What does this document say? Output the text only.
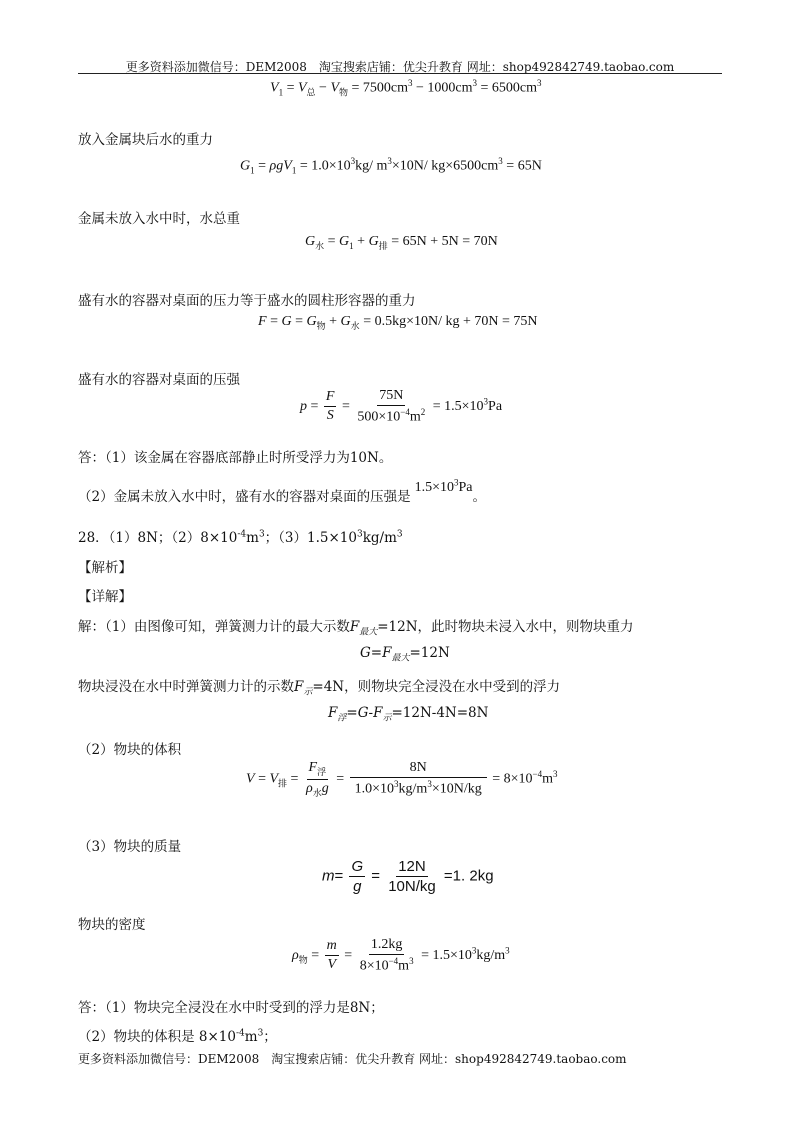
更多资料添加微信号：DEM2008　淘宝搜索店铺：优尖升教育 网址：shop492842749.taobao.com
$V_1 = V_总 - V_物 = 7500cm^3 - 1000cm^3 = 6500cm^3$
放入金属块后水的重力
$G_1 = \rho gV_1 = 1.0\times 10^3kg/$ $m^3\times 10N/$ $kg\times 6500cm^3 = 65N$
金属未放入水中时，水总重
$G_水 = G_1 + G_排 = 65N + 5N = 70N$
盛有水的容器对桌面的压力等于盛水的圆柱形容器的重力
$F = G = G_物 + G_水 = 0.5kg\times 10N/$ kg + 70N = 75N
盛有水的容器对桌面的压强
$p = \frac{F}{S} = \frac{75N}{500\times 10^{-4}m^2} = 1.5\times 10^3Pa$
答：（1）该金属在容器底部静止时所受浮力为10N。
（2）金属未放入水中时，盛有水的容器对桌面的压强是$1.5\times 10^3Pa$。
28．（1）8N；$(2)8\times 10^{-4}m^3$；$(3)1.5\times 10^3kg/m^3$
【解析】
【详解】
解：（1）由图像可知，弹簧测力计的最大示数$F_{最大}=12N$，此时物块未浸入水中，则物块重力
$G=F_{最大}=12N$
物块浸没在水中时弹簧测力计的示数$F_示=4N$，则物块完全浸没在水中受到的浮力
$F_浮=G-F_示=12N-4N=8N$
（2）物块的体积
$V = V_排 = \frac{F_浮}{\rho_水g} = \frac{8N}{1.0\times 10^3kg/m^3\times 10N/kg} = 8\times 10^{-4}m^3$
（3）物块的质量
$m= \frac{G}{g} = \frac{12N}{10N/kg} =1$. 2kg
物块的密度
$\rho_物 = \frac{m}{V} = \frac{1.2kg}{8\times 10^{-4}m^3} = 1.5\times 10^3kg/m^3$
答：（1）物块完全浸没在水中时受到的浮力是8N；
（2）物块的体积是 $8\times 10^{-4}m^3$；
更多资料添加微信号：DEM2008　淘宝搜索店铺：优尖升教育 网址：shop492842749.taobao.com
